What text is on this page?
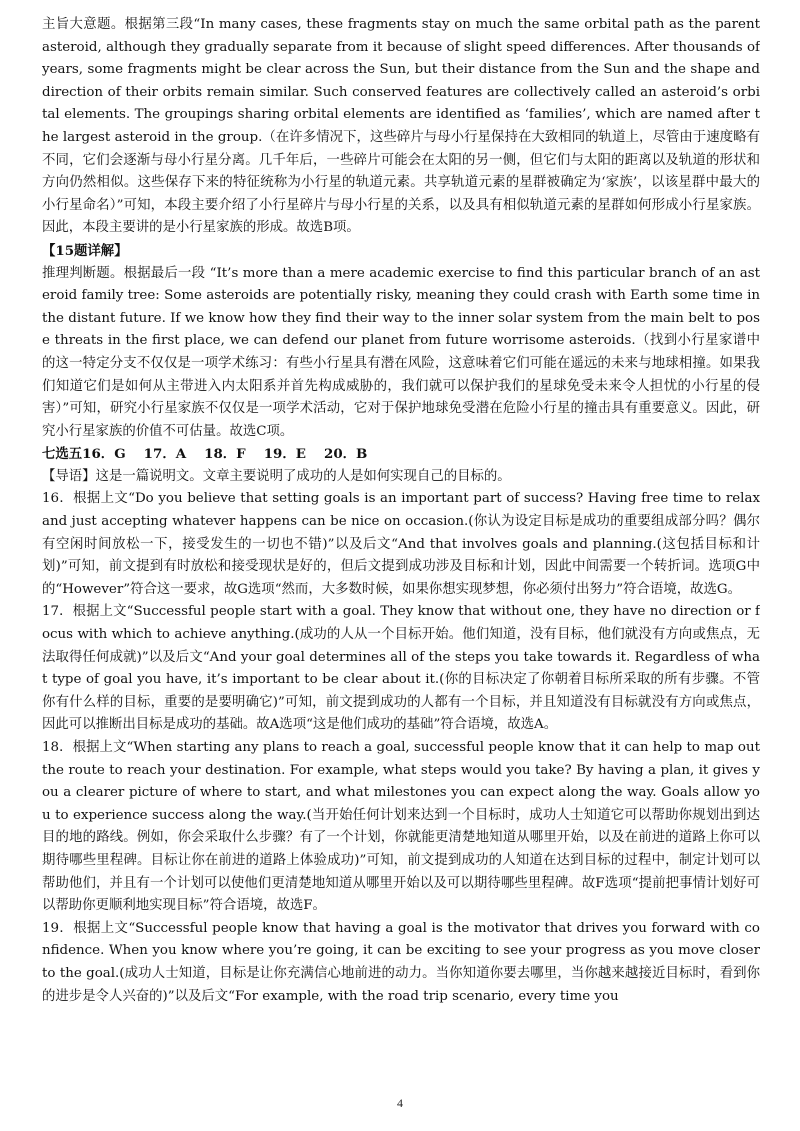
主旨大意题。根据第三段“In many cases, these fragments stay on much the same orbital path as the parent asteroid, although they gradually separate from it because of slight speed differences. After thousands of years, some fragments might be clear across the Sun, but their distance from the Sun and the shape and direction of their orbits remain similar. Such conserved features are collectively called an asteroid’s orbital elements. The groupings sharing orbital elements are identified as ‘families’, which are named after the largest asteroid in the group.（在许多情况下，这些碎片与母小行星保持在大致相同的轨道上，尽管由于速度略有不同，它们会逐渐与母小行星分离。几千年后，一些碎片可能会在太阳的另一侧，但它们与太阳的距离以及轨道的形状和方向仍然相似。这些保存下来的特征统称为小行星的轨道元素。共享轨道元素的星群被确定为‘家族’，以该星群中最大的小行星命名）”可知，本段主要介绍了小行星碎片与母小行星的关系，以及具有相似轨道元素的星群如何形成小行星家族。因此，本段主要讲的是小行星家族的形成。故选B项。

【15题详解】

推理判断题。根据最后一段 “It’s more than a mere academic exercise to find this particular branch of an asteroid family tree: Some asteroids are potentially risky, meaning they could crash with Earth some time in the distant future. If we know how they find their way to the inner solar system from the main belt to pose threats in the first place, we can defend our planet from future worrisome asteroids.（找到小行星家谱中的这一特定分支不仅仅是一项学术练习：有些小行星具有潜在风险，这意味着它们可能在遥远的未来与地球相撞。如果我们知道它们是如何从主带进入内太阳系并首先构成威胁的，我们就可以保护我们的星球免受未来令人担忧的小行星的侵害）”可知，研究小行星家族不仅仅是一项学术活动，它对于保护地球免受潜在危险小行星的撞击具有重要意义。因此，研究小行星家族的价值不可估量。故选C项。

七选五16．G　 17．A　 18．F　 19．E　 20．B

【导语】这是一篇说明文。文章主要说明了成功的人是如何实现自己的目标的。

16．根据上文“Do you believe that setting goals is an important part of success? Having free time to relax and just accepting whatever happens can be nice on occasion.(你认为设定目标是成功的重要组成部分吗？偶尔有空闲时间放松一下，接受发生的一切也不错)”以及后文“And that involves goals and planning.(这包括目标和计划)”可知，前文提到有时放松和接受现状是好的，但后文提到成功涉及目标和计划，因此中间需要一个转折词。选项G中的“However”符合这一要求，故G选项“然而，大多数时候，如果你想实现梦想，你必须付出努力”符合语境，故选G。

17．根据上文“Successful people start with a goal. They know that without one, they have no direction or focus with which to achieve anything.(成功的人从一个目标开始。他们知道，没有目标，他们就没有方向或焦点，无法取得任何成就)”以及后文“And your goal determines all of the steps you take towards it. Regardless of what type of goal you have, it’s important to be clear about it.(你的目标决定了你朝着目标所采取的所有步骤。不管你有什么样的目标，重要的是要明确它)”可知，前文提到成功的人都有一个目标，并且知道没有目标就没有方向或焦点，因此可以推断出目标是成功的基础。故A选项“这是他们成功的基础”符合语境，故选A。

18．根据上文“When starting any plans to reach a goal, successful people know that it can help to map out the route to reach your destination. For example, what steps would you take? By having a plan, it gives you a clearer picture of where to start, and what milestones you can expect along the way. Goals allow you to experience success along the way.(当开始任何计划来达到一个目标时，成功人士知道它可以帮助你规划出到达目的地的路线。例如，你会采取什么步骤？有了一个计划，你就能更清楚地知道从哪里开始，以及在前进的道路上你可以期待哪些里程碑。目标让你在前进的道路上体验成功)”可知，前文提到成功的人知道在达到目标的过程中，制定计划可以帮助他们，并且有一个计划可以使他们更清楚地知道从哪里开始以及可以期待哪些里程碑。故F选项“提前把事情计划好可以帮助你更顺利地实现目标”符合语境，故选F。

19．根据上文“Successful people know that having a goal is the motivator that drives you forward with confidence. When you know where you’re going, it can be exciting to see your progress as you move closer to the goal.(成功人士知道，目标是让你充满信心地前进的动力。当你知道你要去哪里，当你越来越接近目标时，看到你的进步是令人兴奋的)”以及后文“For example, with the road trip scenario, every time you

4
